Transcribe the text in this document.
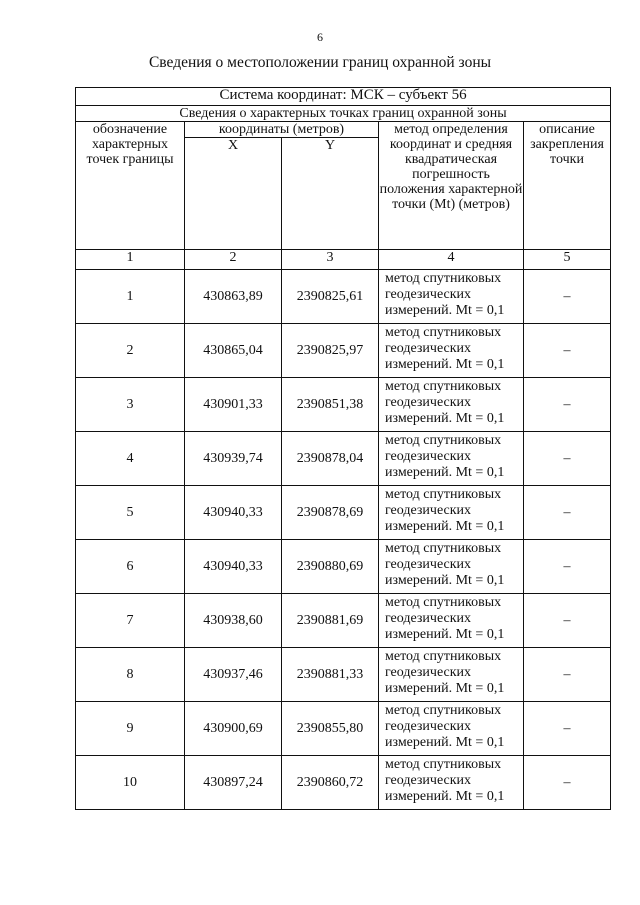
6
Сведения о местоположении границ охранной зоны
Система координат: МСК – субъект 56				
Сведения о характерных точках границ охранной зоны				
обозначение характерных точек границы	координаты (метров)		метод определения координат и средняя квадратическая погрешность положения характерной точки (Mt) (метров)	описание закрепления точки
	X	Y		
1	2	3	4	5
1	430863,89	2390825,61	метод спутниковых геодезических измерений. Mt = 0,1	–
2	430865,04	2390825,97	метод спутниковых геодезических измерений. Mt = 0,1	–
3	430901,33	2390851,38	метод спутниковых геодезических измерений. Mt = 0,1	–
4	430939,74	2390878,04	метод спутниковых геодезических измерений. Mt = 0,1	–
5	430940,33	2390878,69	метод спутниковых геодезических измерений. Mt = 0,1	–
6	430940,33	2390880,69	метод спутниковых геодезических измерений. Mt = 0,1	–
7	430938,60	2390881,69	метод спутниковых геодезических измерений. Mt = 0,1	–
8	430937,46	2390881,33	метод спутниковых геодезических измерений. Mt = 0,1	–
9	430900,69	2390855,80	метод спутниковых геодезических измерений. Mt = 0,1	–
10	430897,24	2390860,72	метод спутниковых геодезических измерений. Mt = 0,1	–
